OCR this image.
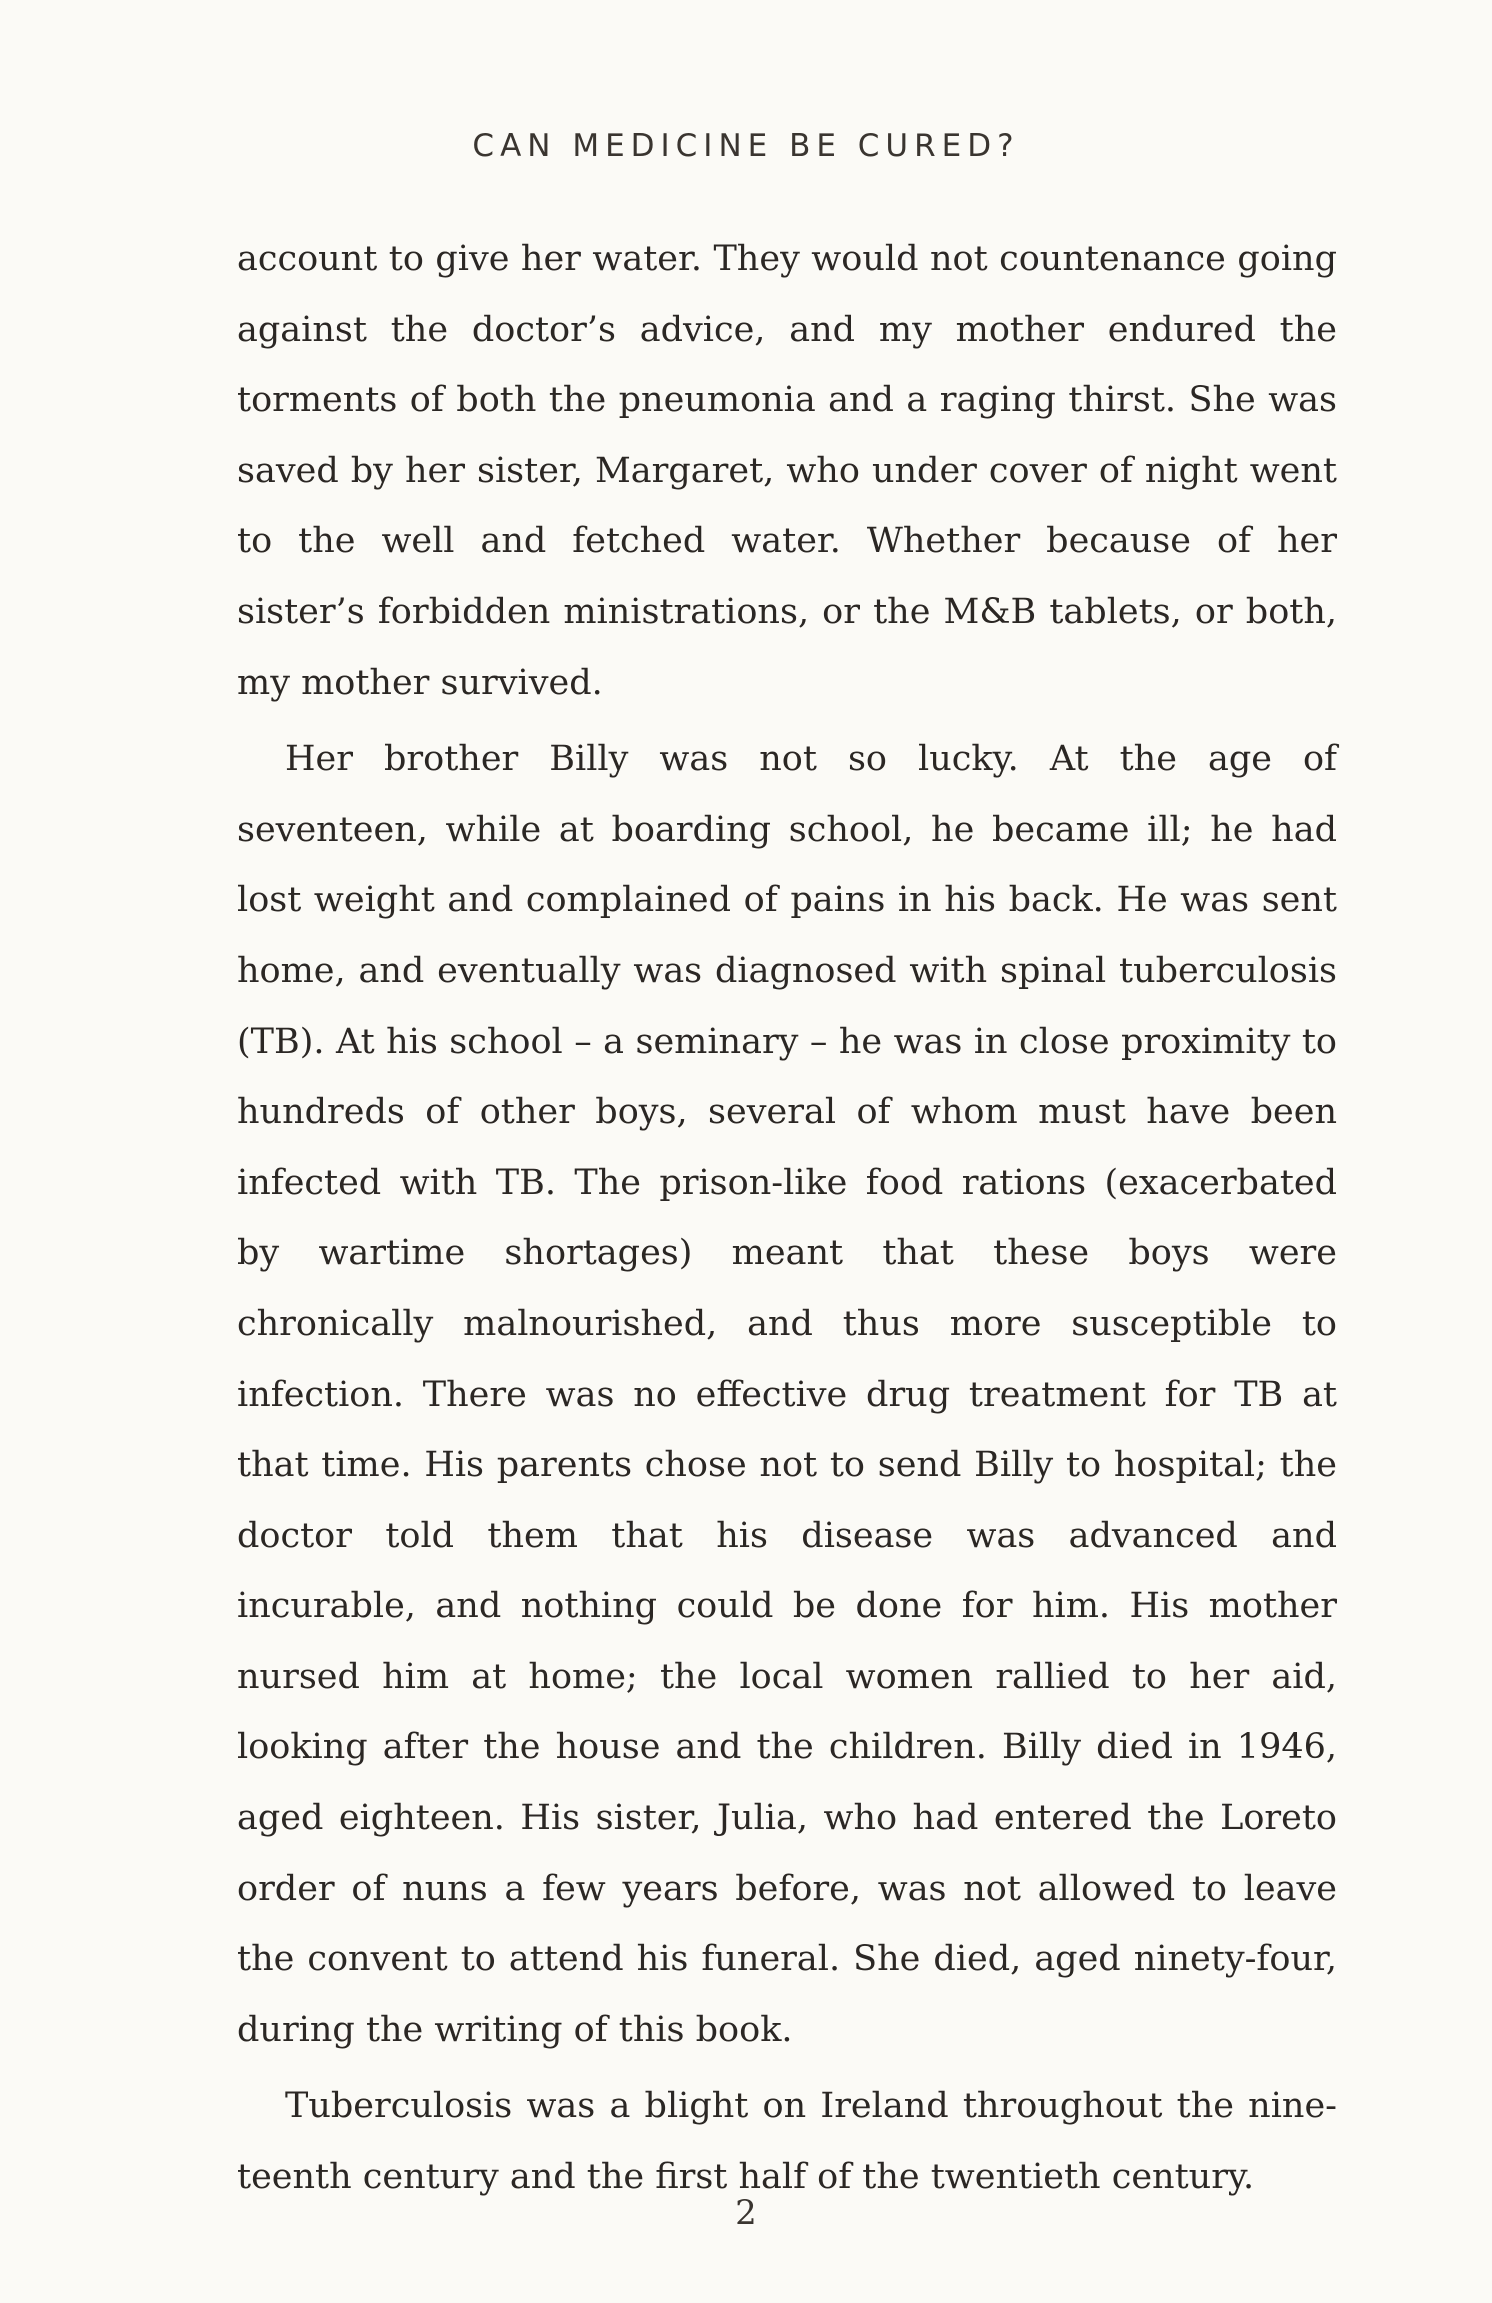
CAN MEDICINE BE CURED?

account to give her water. They would not countenance going against the doctor’s advice, and my mother endured the torments of both the pneumonia and a raging thirst. She was saved by her sister, Margaret, who under cover of night went to the well and fetched water. Whether because of her sister’s forbidden ministrations, or the M&B tablets, or both, my mother survived.

Her brother Billy was not so lucky. At the age of seventeen, while at boarding school, he became ill; he had lost weight and complained of pains in his back. He was sent home, and eventually was diagnosed with spinal tuberculosis (TB). At his school – a seminary – he was in close proximity to hundreds of other boys, several of whom must have been infected with TB. The prison-like food rations (exacerbated by wartime shortages) meant that these boys were chronically malnourished, and thus more susceptible to infection. There was no effective drug treatment for TB at that time. His parents chose not to send Billy to hospital; the doctor told them that his disease was advanced and incurable, and nothing could be done for him. His mother nursed him at home; the local women rallied to her aid, looking after the house and the children. Billy died in 1946, aged eighteen. His sister, Julia, who had entered the Loreto order of nuns a few years before, was not allowed to leave the convent to attend his funeral. She died, aged ninety-four, during the writing of this book.

Tuberculosis was a blight on Ireland throughout the nineteenth century and the first half of the twentieth century.

2
